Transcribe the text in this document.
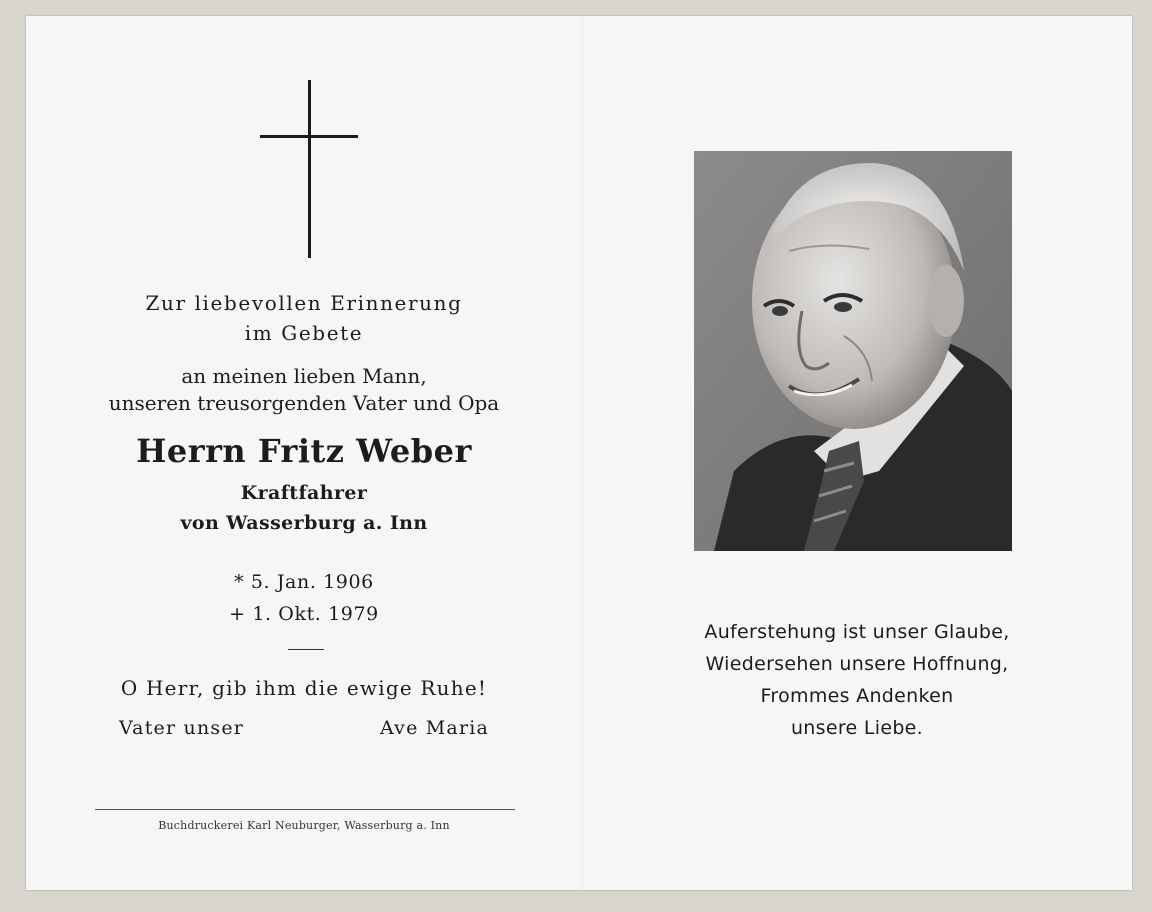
Zur liebevollen Erinnerung
im Gebete
an meinen lieben Mann,
unseren treusorgenden Vater und Opa
Herrn Fritz Weber
Kraftfahrer
von Wasserburg a. Inn
* 5. Jan. 1906
+ 1. Okt. 1979
O Herr, gib ihm die ewige Ruhe!
Vater unser	Ave Maria
Buchdruckerei Karl Neuburger, Wasserburg a. Inn
Auferstehung ist unser Glaube,
Wiedersehen unsere Hoffnung,
Frommes Andenken
unsere Liebe.
